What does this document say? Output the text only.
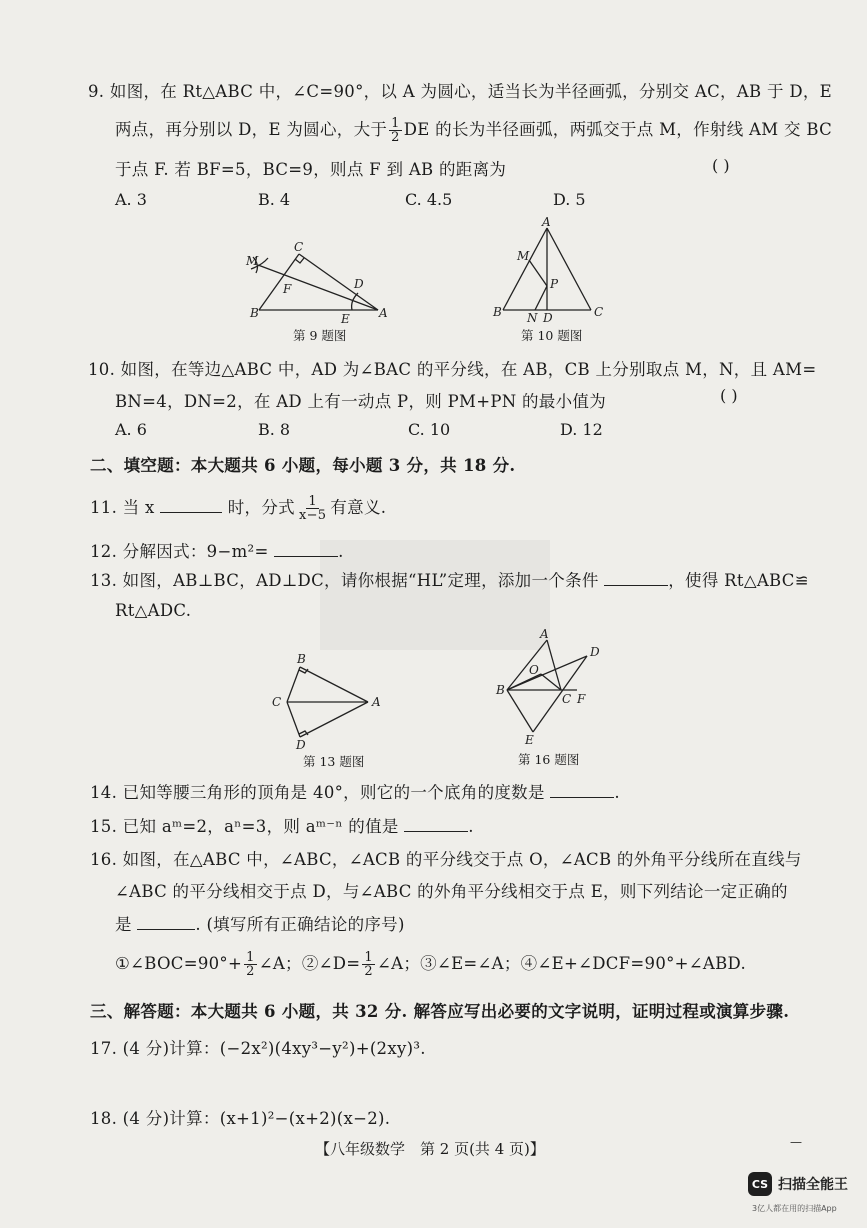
9. 如图，在 Rt△ABC 中，∠C=90°，以 A 为圆心，适当长为半径画弧，分别交 AC，AB 于 D，E
两点，再分别以 D，E 为圆心，大于 $\frac{1}{2}$ DE 的长为半径画弧，两弧交于点 M，作射线 AM 交 BC
于点 F. 若 BF=5，BC=9，则点 F 到 AB 的距离为	( )
A. 3	B. 4	C. 4.5	D. 5
M
C
F	D
B	E A
第 9 题图
A
M
P
B N D	C
第 10 题图
10. 如图，在等边△ABC 中，AD 为∠BAC 的平分线，在 AB，CB 上分别取点 M，N，且 AM=
BN=4，DN=2，在 AD 上有一动点 P，则 PM+PN 的最小值为	( )
A. 6	B. 8	C. 10	D. 12
二、填空题：本大题共 6 小题，每小题 3 分，共 18 分.
11. 当 x	时，分式 $\frac{1}{x-5}$ 有意义.
12. 分解因式：9−m²=	.
13. 如图，AB⊥BC，AD⊥DC，请你根据“HL”定理，添加一个条件	，使得 Rt△ABC≌
Rt△ADC.
B
C	A
D
第 13 题图
A
D
O
B
C F
E
第 16 题图
14. 已知等腰三角形的顶角是 40°，则它的一个底角的度数是	.
15. 已知 aᵐ=2，aⁿ=3，则 aᵐ⁻ⁿ 的值是	.
16. 如图，在△ABC 中，∠ABC，∠ACB 的平分线交于点 O，∠ACB 的外角平分线所在直线与
∠ABC 的平分线相交于点 D，与∠ABC 的外角平分线相交于点 E，则下列结论一定正确的
是	. (填写所有正确结论的序号)
①∠BOC=90°+ $\frac{1}{2}$ ∠A；②∠D= $\frac{1}{2}$ ∠A；③∠E=∠A；④∠E+∠DCF=90°+∠ABD.
三、解答题：本大题共 6 小题，共 32 分. 解答应写出必要的文字说明，证明过程或演算步骤.
17. (4 分)计算：(−2x²)(4xy³−y²)+(2xy)³.
18. (4 分)计算：(x+1)²−(x+2)(x−2).
【八年级数学　第 2 页(共 4 页)】	—
CS 扫描全能王
3亿人都在用的扫描App
